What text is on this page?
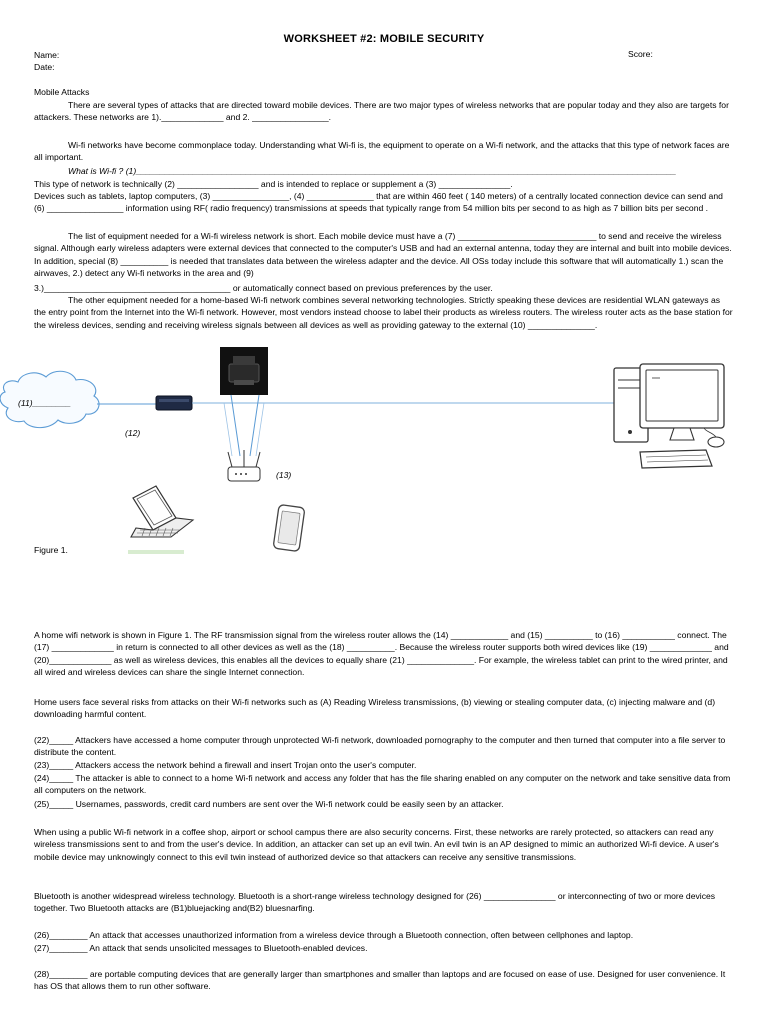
WORKSHEET #2: MOBILE SECURITY
Name:	Score:
Date:
Mobile Attacks
There are several types of attacks that are directed toward mobile devices. There are two major types of wireless networks that are popular today and they also are targets for attackers. These networks are 1)._____________ and 2. ________________.
Wi-fi networks have become commonplace today. Understanding what Wi-fi is, the equipment to operate on a Wi-fi network, and the attacks that this type of network faces are all important.
What is Wi-fi ? (1)_________________________________________________________________________________________________________________
This type of network is technically (2) _________________ and is intended to replace or supplement a (3) _______________.
Devices such as tablets, laptop computers, (3) ________________, (4) ______________ that are within 460 feet ( 140 meters) of a centrally located connection device can send and (6) ________________ information using RF( radio frequency) transmissions at speeds that typically range from 54 million bits per second to as high as 7 billion bits per second .
The list of equipment needed for a Wi-fi wireless network is short. Each mobile device must have a (7) _____________________________ to send and receive the wireless signal. Although early wireless adapters were external devices that connected to the computer's USB and had an external antenna, today they are internal and built into mobile devices. In addition, special (8) __________ is needed that translates data between the wireless adapter and the device. All OSs today include this software that will automatically 1.) scan the airwaves, 2.) detect any Wi-fi networks in the area and (9)
3.)_______________________________________ or automatically connect based on previous preferences by the user.
The other equipment needed for a home-based Wi-fi network combines several networking technologies. Strictly speaking these devices are residential WLAN gateways as the entry point from the Internet into the Wi-fi network. However, most vendors instead choose to label their products as wireless routers. The wireless router acts as the base station for the wireless devices, sending and receiving wireless signals between all devices as well as providing gateway to the external (10) ______________.
(11)________
(12)
(13)
Figure 1.
A home wifi network is shown in Figure 1. The RF transmission signal from the wireless router allows the (14) ____________ and (15) __________ to (16) ___________ connect. The (17) _____________ in return is connected to all other devices as well as the (18) __________. Because the wireless router supports both wired devices like (19) _____________ and (20)_____________ as well as wireless devices, this enables all the devices to equally share (21) ______________. For example, the wireless tablet can print to the wired printer, and all wired and wireless devices can share the single Internet connection.
Home users face several risks from attacks on their Wi-fi networks such as (A) Reading Wireless transmissions, (b) viewing or stealing computer data, (c) injecting malware and (d) downloading harmful content.
(22)_____ Attackers have accessed a home computer through unprotected Wi-fi network, downloaded pornography to the computer and then turned that computer into a file server to distribute the content.
(23)_____ Attackers access the network behind a firewall and insert Trojan onto the user's computer.
(24)_____ The attacker is able to connect to a home Wi-fi network and access any folder that has the file sharing enabled on any computer on the network and take sensitive data from all computers on the network.
(25)_____ Usernames, passwords, credit card numbers are sent over the Wi-fi network could be easily seen by an attacker.
When using a public Wi-fi network in a coffee shop, airport or school campus there are also security concerns. First, these networks are rarely protected, so attackers can read any wireless transmissions sent to and from the user's device. In addition, an attacker can set up an evil twin. An evil twin is an AP designed to mimic an authorized Wi-fi device. A user's mobile device may unknowingly connect to this evil twin instead of authorized device so that attackers can receive any sensitive transmissions.
Bluetooth is another widespread wireless technology. Bluetooth is a short-range wireless technology designed for (26) _______________ or interconnecting of two or more devices together. Two Bluetooth attacks are (B1)bluejacking and(B2) bluesnarfing.
(26)________ An attack that accesses unauthorized information from a wireless device through a Bluetooth connection, often between cellphones and laptop.
(27)________ An attack that sends unsolicited messages to Bluetooth-enabled devices.
(28)________ are portable computing devices that are generally larger than smartphones and smaller than laptops and are focused on ease of use. Designed for user convenience. It has OS that allows them to run other software.
